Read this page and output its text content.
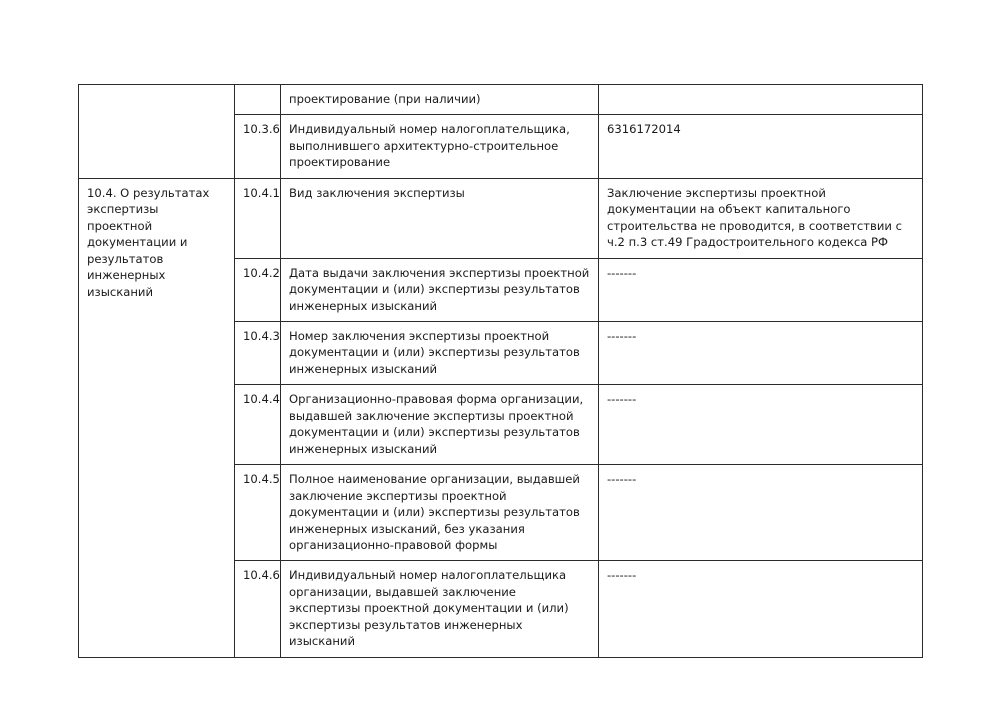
		проектирование (при наличии)	
	10.3.6	Индивидуальный номер налогоплательщика, выполнившего архитектурно-строительное проектирование	6316172014
10.4. О результатах экспертизы проектной документации и результатов инженерных изысканий	10.4.1	Вид заключения экспертизы	Заключение экспертизы проектной документации на объект капитального строительства не проводится, в соответствии с ч.2 п.3 ст.49 Градостроительного кодекса РФ
	10.4.2	Дата выдачи заключения экспертизы проектной документации и (или) экспертизы результатов инженерных изысканий	-------
	10.4.3	Номер заключения экспертизы проектной документации и (или) экспертизы результатов инженерных изысканий	-------
	10.4.4	Организационно-правовая форма организации, выдавшей заключение экспертизы проектной документации и (или) экспертизы результатов инженерных изысканий	-------
	10.4.5	Полное наименование организации, выдавшей заключение экспертизы проектной документации и (или) экспертизы результатов инженерных изысканий, без указания организационно-правовой формы	-------
	10.4.6	Индивидуальный номер налогоплательщика организации, выдавшей заключение экспертизы проектной документации и (или) экспертизы результатов инженерных изысканий	-------
